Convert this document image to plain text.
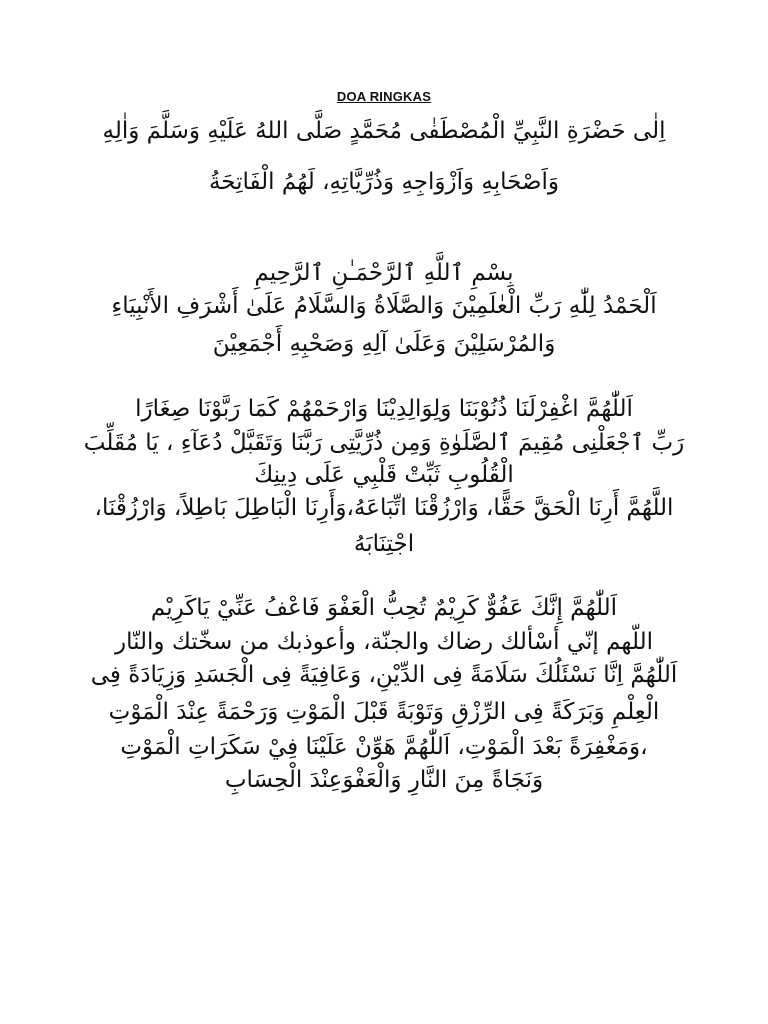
DOA RINGKAS
اِلٰى حَضْرَةِ النَّبِيِّ الْمُصْطَفٰى مُحَمَّدٍ صَلَّى اللهُ عَلَيْهِ وَسَلَّمَ وَاٰلِهِ
وَاَصْحَابِهِ وَاَزْوَاجِهِ وَذُرِّيَّاتِهِ، لَهُمُ الْفَاتِحَةُ
بِسْمِ ٱللَّهِ ٱلرَّحْمَـٰنِ ٱلرَّحِيمِ
اَلْحَمْدُ لِلّٰهِ رَبِّ الْعٰلَمِيْنَ وَالصَّلَاةُ وَالسَّلَامُ عَلَىٰ أَشْرَفِ الأَنْبِيَاءِ
وَالمُرْسَلِيْنَ وَعَلَىٰ آلِهِ وَصَحْبِهِ أَجْمَعِيْنَ
اَللّٰهُمَّ اغْفِرْلَنَا ذُنُوْبَنَا وَلِوَالِدِيْنَا وَارْحَمْهُمْ كَمَا رَبَّوْنَا صِغَارًا
رَبِّ ٱجْعَلْنِى مُقِيمَ ٱلصَّلَوٰةِ وَمِن ذُرِّيَّتِى رَبَّنَا وَتَقَبَّلْ دُعَآءِ ، يَا مُقَلِّبَ
الْقُلُوبِ ثَبِّتْ قَلْبِي عَلَى دِينِكَ
اللَّهُمَّ أَرِنَا الْحَقَّ حَقًّا، وَارْزُقْنَا اتِّبَاعَهُ،وَأَرِنَا الْبَاطِلَ بَاطِلاً، وَارْزُقْنَا،
اجْتِنَابَهُ
اَللّٰهُمَّ إِنَّكَ عَفُوٌّ كَرِيْمٌ تُحِبُّ الْعَفْوَ فَاعْفُ عَنِّيْ يَاكَرِيْم
اللّهم إنّي أسْألك رضاك والجنّة، وأعوذبك من سخّتك والنّار
اَللّٰهُمَّ اِنَّا نَسْئَلُكَ سَلَامَةً فِى الدِّيْنِ، وَعَافِيَةً فِى الْجَسَدِ وَزِيَادَةً فِى
الْعِلْمِ وَبَرَكَةً فِى الرِّزْقِ وَتَوْبَةً قَبْلَ الْمَوْتِ وَرَحْمَةً عِنْدَ الْمَوْتِ
،وَمَغْفِرَةً بَعْدَ الْمَوْتِ، اَللّٰهُمَّ هَوِّنْ عَلَيْنَا فِيْ سَكَرَاتِ الْمَوْتِ
وَنَجَاةً مِنَ النَّارِ وَالْعَفْوَعِنْدَ الْحِسَابِ
